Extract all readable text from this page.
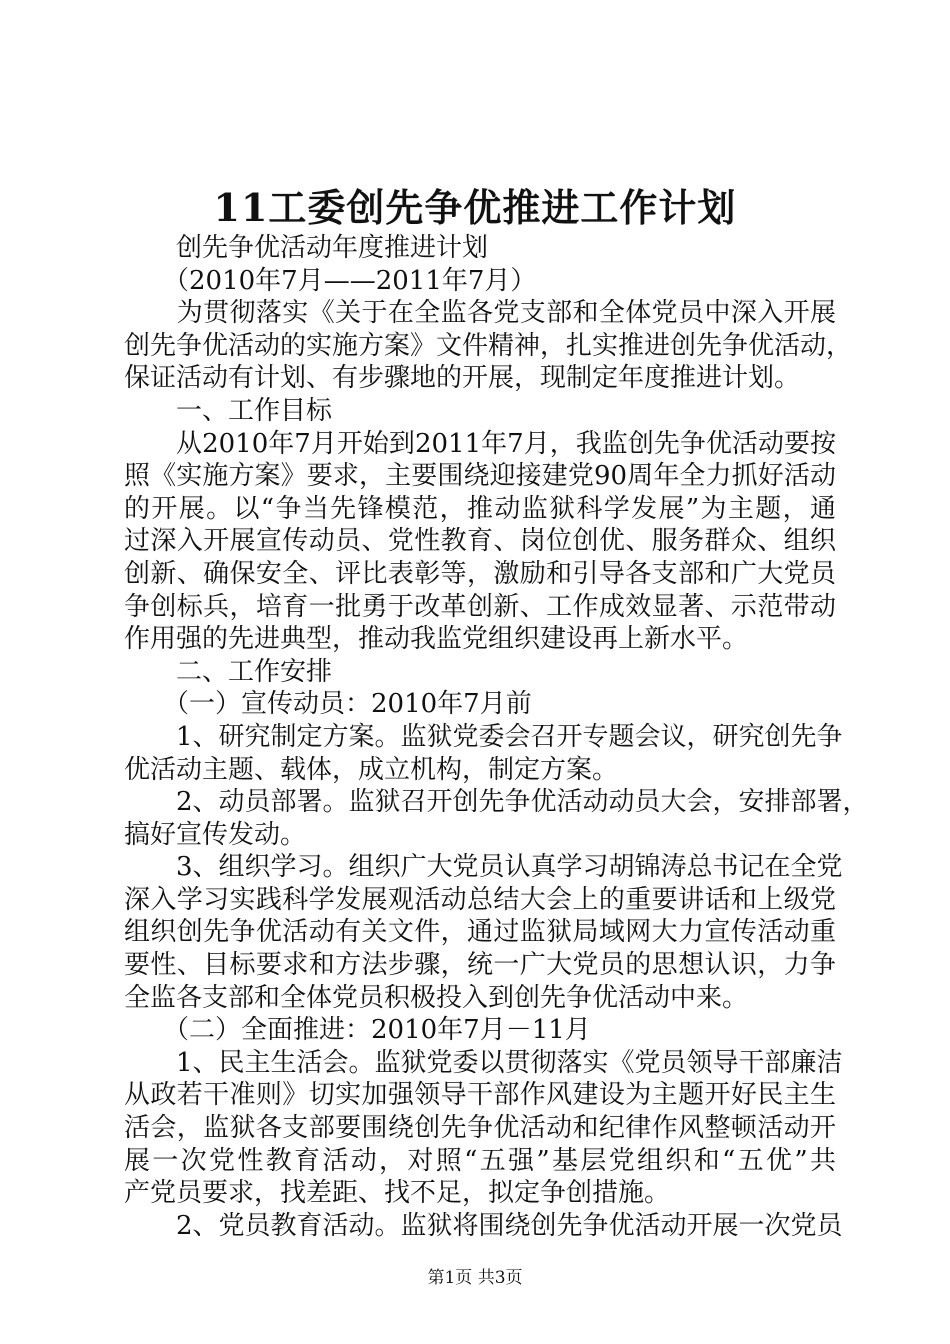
11工委创先争优推进工作计划
　　创先争优活动年度推进计划
　　（2010年7月——2011年7月）
　　为贯彻落实《关于在全监各党支部和全体党员中深入开展
创先争优活动的实施方案》文件精神，扎实推进创先争优活动，
保证活动有计划、有步骤地的开展，现制定年度推进计划。
　　一、工作目标
　　从2010年7月开始到2011年7月，我监创先争优活动要按
照《实施方案》要求，主要围绕迎接建党90周年全力抓好活动
的开展。以“争当先锋模范，推动监狱科学发展”为主题，通
过深入开展宣传动员、党性教育、岗位创优、服务群众、组织
创新、确保安全、评比表彰等，激励和引导各支部和广大党员
争创标兵，培育一批勇于改革创新、工作成效显著、示范带动
作用强的先进典型，推动我监党组织建设再上新水平。
　　二、工作安排
　　（一）宣传动员：2010年7月前
　　1、研究制定方案。监狱党委会召开专题会议，研究创先争
优活动主题、载体，成立机构，制定方案。
　　2、动员部署。监狱召开创先争优活动动员大会，安排部署，
搞好宣传发动。
　　3、组织学习。组织广大党员认真学习胡锦涛总书记在全党
深入学习实践科学发展观活动总结大会上的重要讲话和上级党
组织创先争优活动有关文件，通过监狱局域网大力宣传活动重
要性、目标要求和方法步骤，统一广大党员的思想认识，力争
全监各支部和全体党员积极投入到创先争优活动中来。
　　（二）全面推进：2010年7月－11月
　　1、民主生活会。监狱党委以贯彻落实《党员领导干部廉洁
从政若干准则》切实加强领导干部作风建设为主题开好民主生
活会，监狱各支部要围绕创先争优活动和纪律作风整顿活动开
展一次党性教育活动，对照“五强”基层党组织和“五优”共
产党员要求，找差距、找不足，拟定争创措施。
　　2、党员教育活动。监狱将围绕创先争优活动开展一次党员
第1页 共3页
